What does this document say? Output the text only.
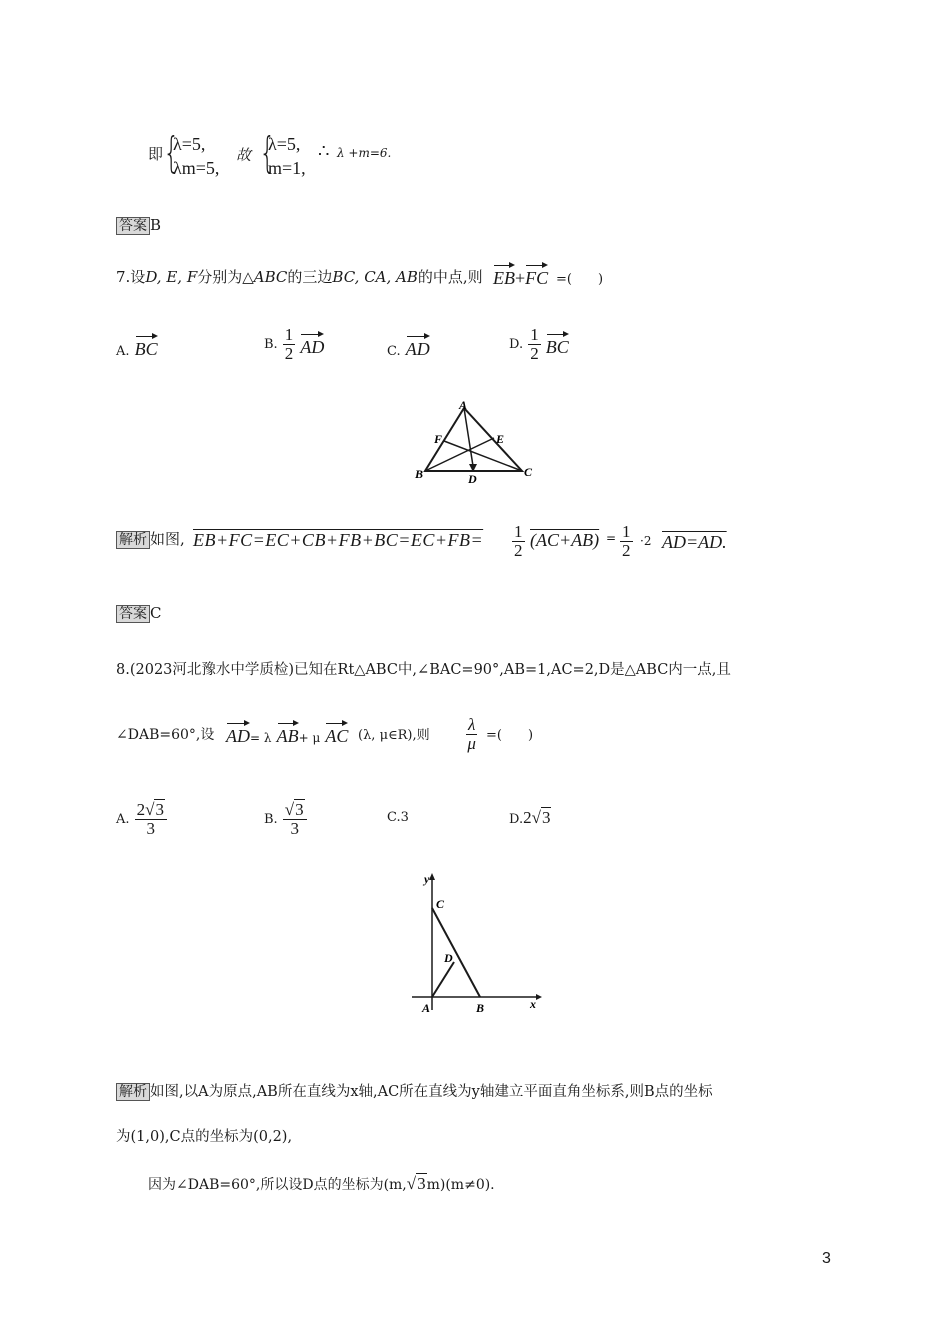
即 {
λ=5,
λm=5,
故 {
λ=5,
m=1,
∴ λ +m=6.
答案 B
7.设D, E, F分别为△ABC的三边BC, CA, AB的中点,则 EB+FC =(　　)
A. BC	B. $\frac{1}{2}$ AD	C. AD	D. $\frac{1}{2}$ BC
A
F	E
B	D	C
解析 如图, $EB+FC=EC+CB+FB+BC=EC+FB= \frac{1}{2} (AC+AB) = \frac{1}{2} \cdot 2$ AD=AD.
答案 C
8.(2023河北豫水中学质检)已知在Rt△ABC中,∠BAC=90°,AB=1,AC=2,D是△ABC内一点,且
∠DAB=60°,设 AD= λ AB+ μ AC (λ, μ∈R),则 $\frac{\lambda}{\mu}$ =(　　)
A. $\frac{2√3}{3}$	B. $\frac{√3}{3}$	C.3	D.2√3
y
C
D
A	B	x
解析 如图,以A为原点,AB所在直线为x轴,AC所在直线为y轴建立平面直角坐标系,则B点的坐标
为(1,0),C点的坐标为(0,2),
因为∠DAB=60°,所以设D点的坐标为(m,√3m)(m≠0).
3
